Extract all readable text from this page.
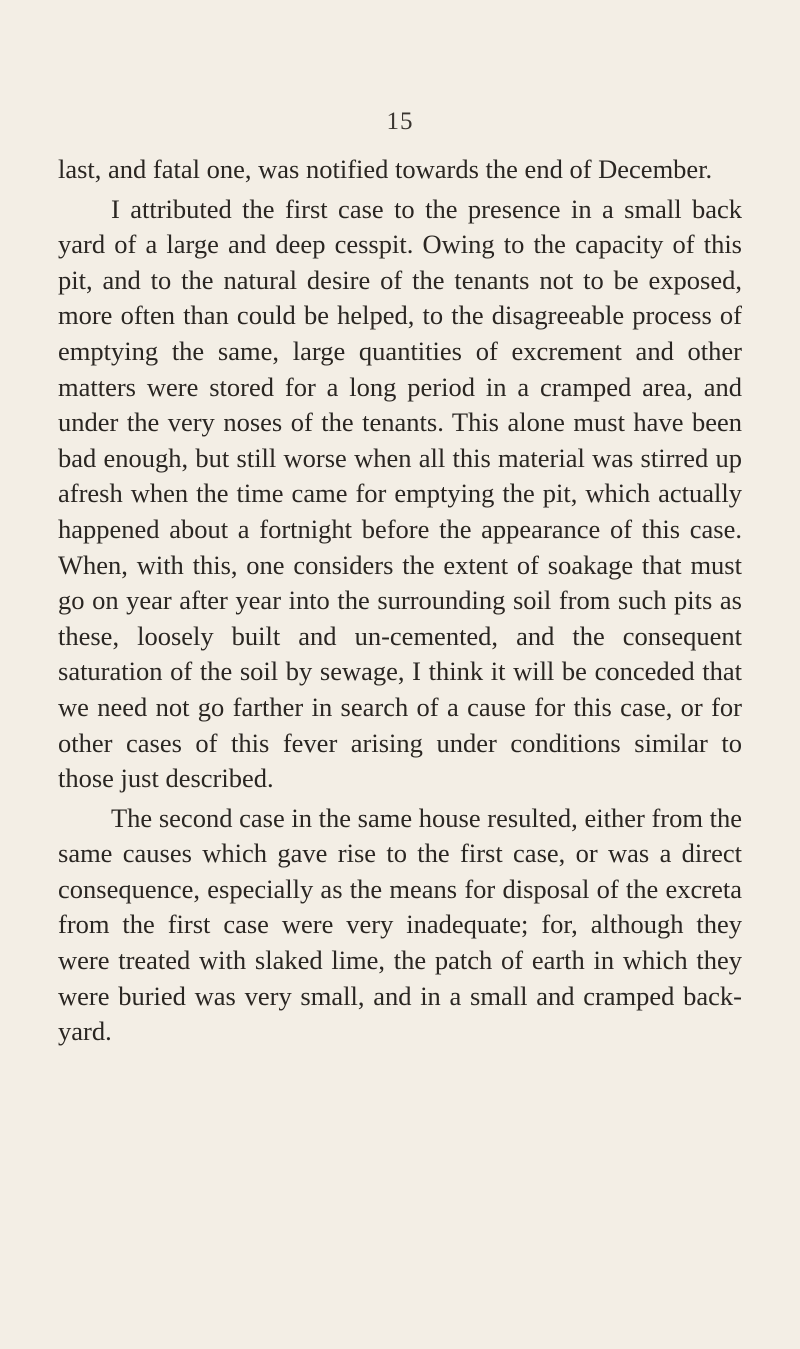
15

last, and fatal one, was notified towards the end of December.

I attributed the first case to the presence in a small back yard of a large and deep cesspit. Owing to the capacity of this pit, and to the natural desire of the tenants not to be exposed, more often than could be helped, to the disagreeable process of emptying the same, large quantities of excrement and other matters were stored for a long period in a cramped area, and under the very noses of the tenants. This alone must have been bad enough, but still worse when all this material was stirred up afresh when the time came for emptying the pit, which actually happened about a fortnight before the appearance of this case. When, with this, one considers the extent of soakage that must go on year after year into the surrounding soil from such pits as these, loosely built and un-cemented, and the consequent saturation of the soil by sewage, I think it will be conceded that we need not go farther in search of a cause for this case, or for other cases of this fever arising under conditions similar to those just described.

The second case in the same house resulted, either from the same causes which gave rise to the first case, or was a direct consequence, especially as the means for disposal of the excreta from the first case were very inadequate; for, although they were treated with slaked lime, the patch of earth in which they were buried was very small, and in a small and cramped back-yard.
